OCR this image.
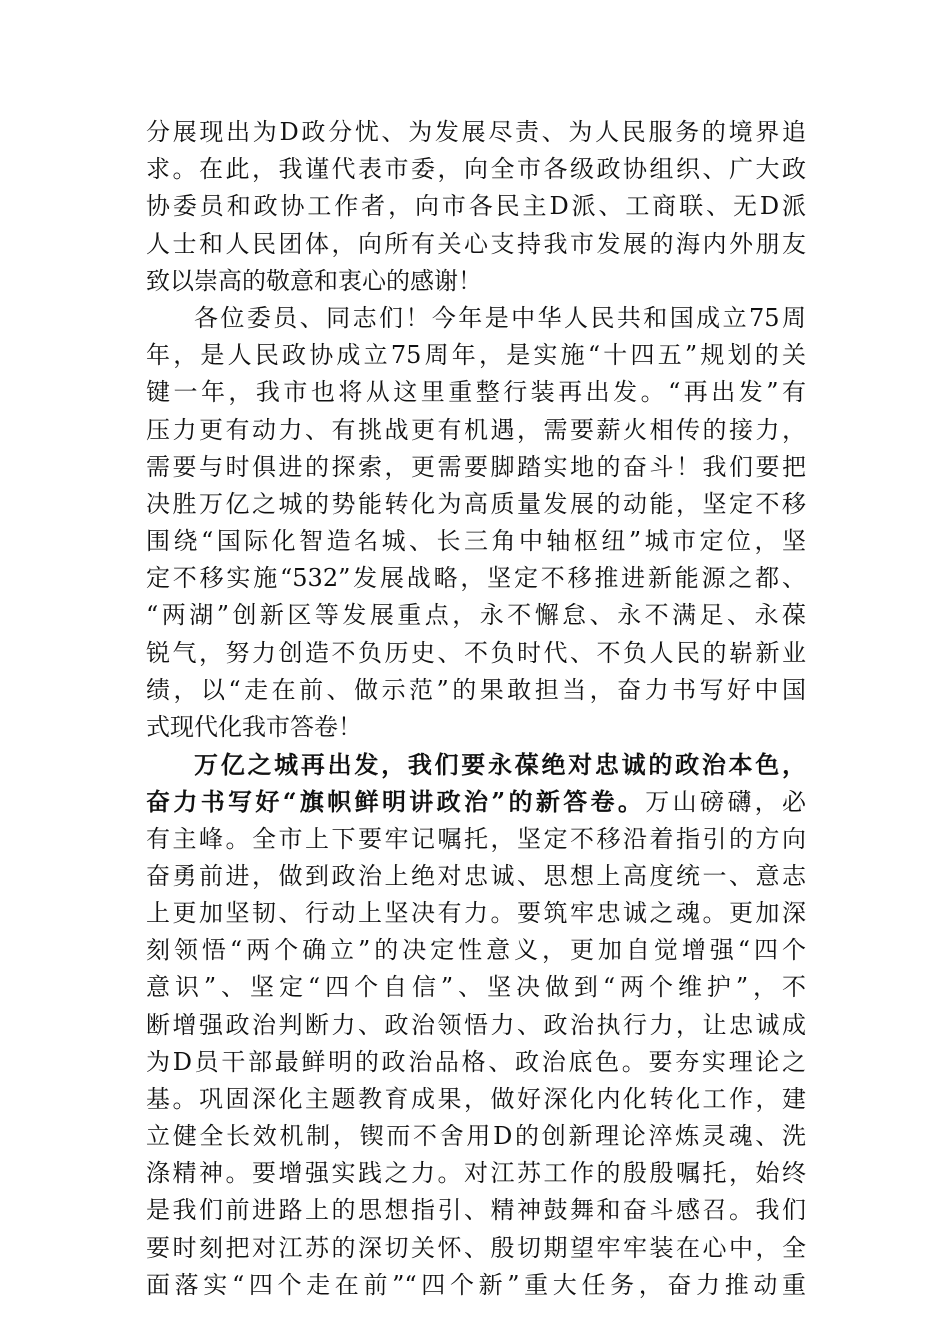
分展现出为D政分忧、为发展尽责、为人民服务的境界追
求。在此，我谨代表市委，向全市各级政协组织、广大政
协委员和政协工作者，向市各民主D派、工商联、无D派
人士和人民团体，向所有关心支持我市发展的海内外朋友
致以崇高的敬意和衷心的感谢！
各位委员、同志们！今年是中华人民共和国成立75周
年，是人民政协成立75周年，是实施“十四五”规划的关
键一年，我市也将从这里重整行装再出发。“再出发”有
压力更有动力、有挑战更有机遇，需要薪火相传的接力，
需要与时俱进的探索，更需要脚踏实地的奋斗！我们要把
决胜万亿之城的势能转化为高质量发展的动能，坚定不移
围绕“国际化智造名城、长三角中轴枢纽”城市定位，坚
定不移实施“532”发展战略，坚定不移推进新能源之都、
“两湖”创新区等发展重点，永不懈怠、永不满足、永葆
锐气，努力创造不负历史、不负时代、不负人民的崭新业
绩，以“走在前、做示范”的果敢担当，奋力书写好中国
式现代化我市答卷！
万亿之城再出发，我们要永葆绝对忠诚的政治本色，
奋力书写好“旗帜鲜明讲政治”的新答卷。万山磅礴，必
有主峰。全市上下要牢记嘱托，坚定不移沿着指引的方向
奋勇前进，做到政治上绝对忠诚、思想上高度统一、意志
上更加坚韧、行动上坚决有力。要筑牢忠诚之魂。更加深
刻领悟“两个确立”的决定性意义，更加自觉增强“四个
意识”、坚定“四个自信”、坚决做到“两个维护”，不
断增强政治判断力、政治领悟力、政治执行力，让忠诚成
为D员干部最鲜明的政治品格、政治底色。要夯实理论之
基。巩固深化主题教育成果，做好深化内化转化工作，建
立健全长效机制，锲而不舍用D的创新理论淬炼灵魂、洗
涤精神。要增强实践之力。对江苏工作的殷殷嘱托，始终
是我们前进路上的思想指引、精神鼓舞和奋斗感召。我们
要时刻把对江苏的深切关怀、殷切期望牢牢装在心中，全
面落实“四个走在前”“四个新”重大任务，奋力推动重
